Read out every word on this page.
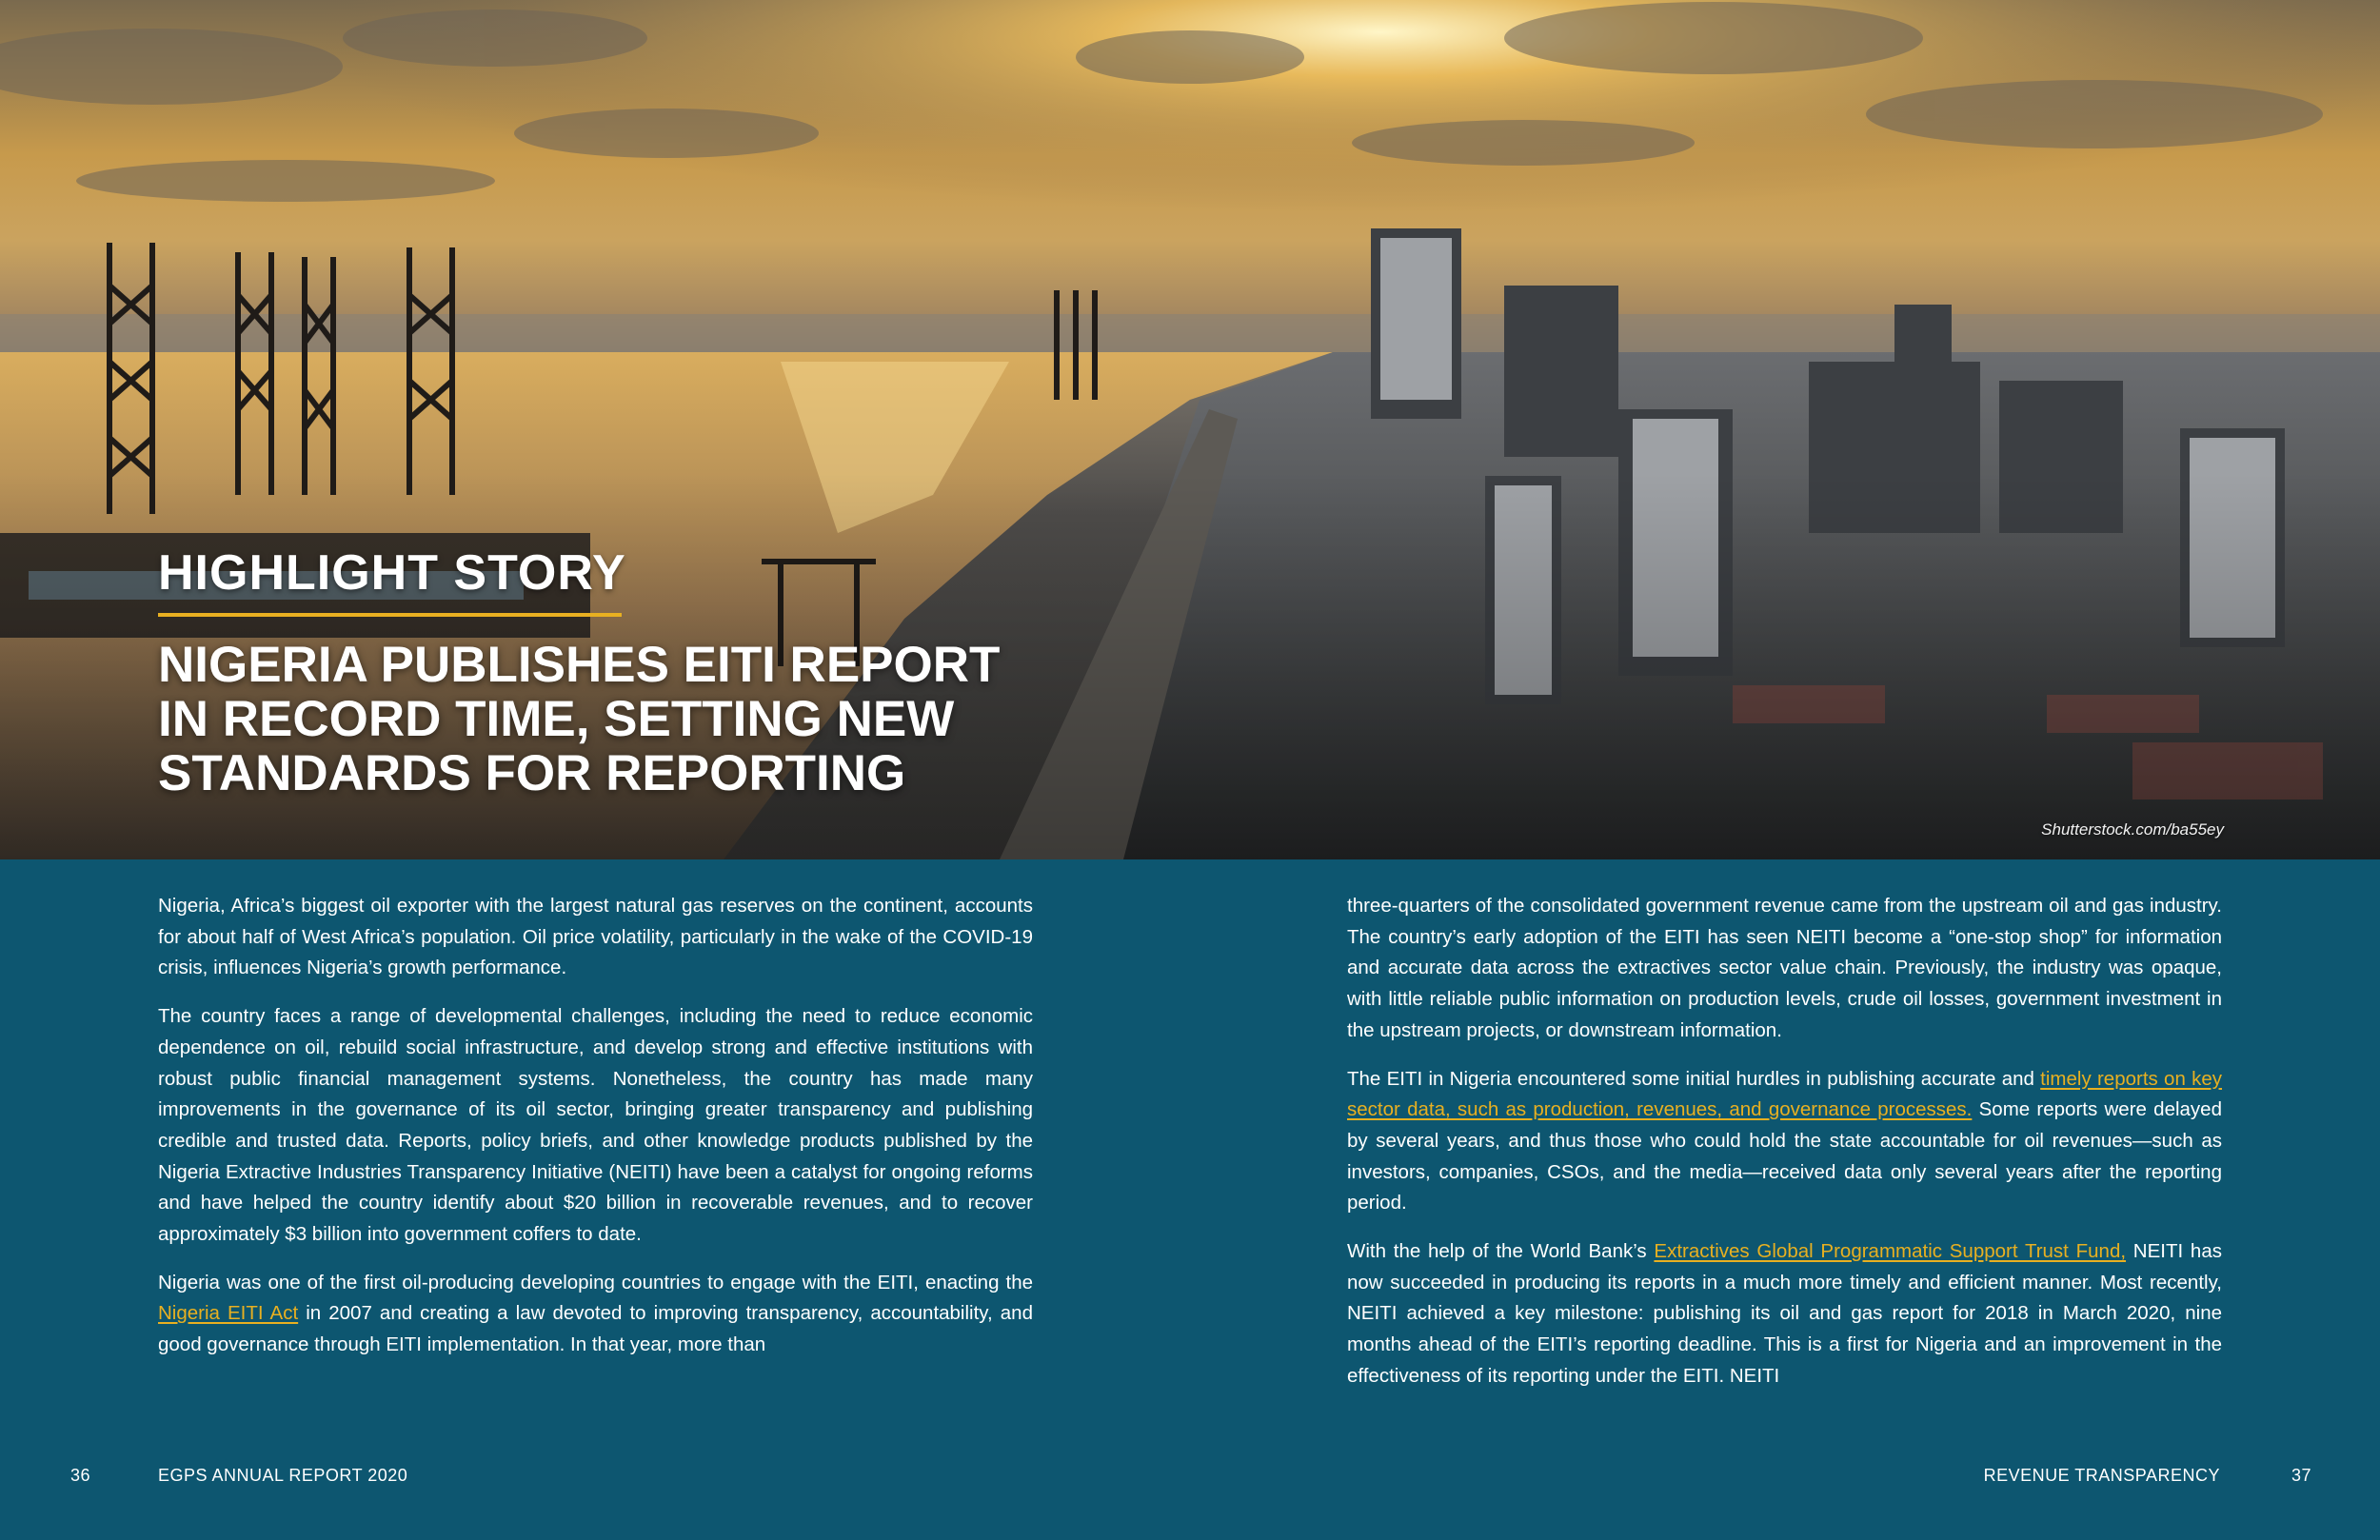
HIGHLIGHT STORY
NIGERIA PUBLISHES EITI REPORT
IN RECORD TIME, SETTING NEW
STANDARDS FOR REPORTING
Shutterstock.com/ba55ey

Nigeria, Africa’s biggest oil exporter with the largest natural gas reserves on the continent, accounts for about half of West Africa’s population. Oil price volatility, particularly in the wake of the COVID-19 crisis, influences Nigeria’s growth performance.

The country faces a range of developmental challenges, including the need to reduce economic dependence on oil, rebuild social infrastructure, and develop strong and effective institutions with robust public financial management systems. Nonetheless, the country has made many improvements in the governance of its oil sector, bringing greater transparency and publishing credible and trusted data. Reports, policy briefs, and other knowledge products published by the Nigeria Extractive Industries Transparency Initiative (NEITI) have been a catalyst for ongoing reforms and have helped the country identify about $20 billion in recoverable revenues, and to recover approximately $3 billion into government coffers to date.

Nigeria was one of the first oil-producing developing countries to engage with the EITI, enacting the Nigeria EITI Act in 2007 and creating a law devoted to improving transparency, accountability, and good governance through EITI implementation. In that year, more than

three-quarters of the consolidated government revenue came from the upstream oil and gas industry. The country’s early adoption of the EITI has seen NEITI become a “one-stop shop” for information and accurate data across the extractives sector value chain. Previously, the industry was opaque, with little reliable public information on production levels, crude oil losses, government investment in the upstream projects, or downstream information.

The EITI in Nigeria encountered some initial hurdles in publishing accurate and timely reports on key sector data, such as production, revenues, and governance processes. Some reports were delayed by several years, and thus those who could hold the state accountable for oil revenues—such as investors, companies, CSOs, and the media—received data only several years after the reporting period.

With the help of the World Bank’s Extractives Global Programmatic Support Trust Fund, NEITI has now succeeded in producing its reports in a much more timely and efficient manner. Most recently, NEITI achieved a key milestone: publishing its oil and gas report for 2018 in March 2020, nine months ahead of the EITI’s reporting deadline. This is a first for Nigeria and an improvement in the effectiveness of its reporting under the EITI. NEITI

36	EGPS ANNUAL REPORT 2020	REVENUE TRANSPARENCY	37
